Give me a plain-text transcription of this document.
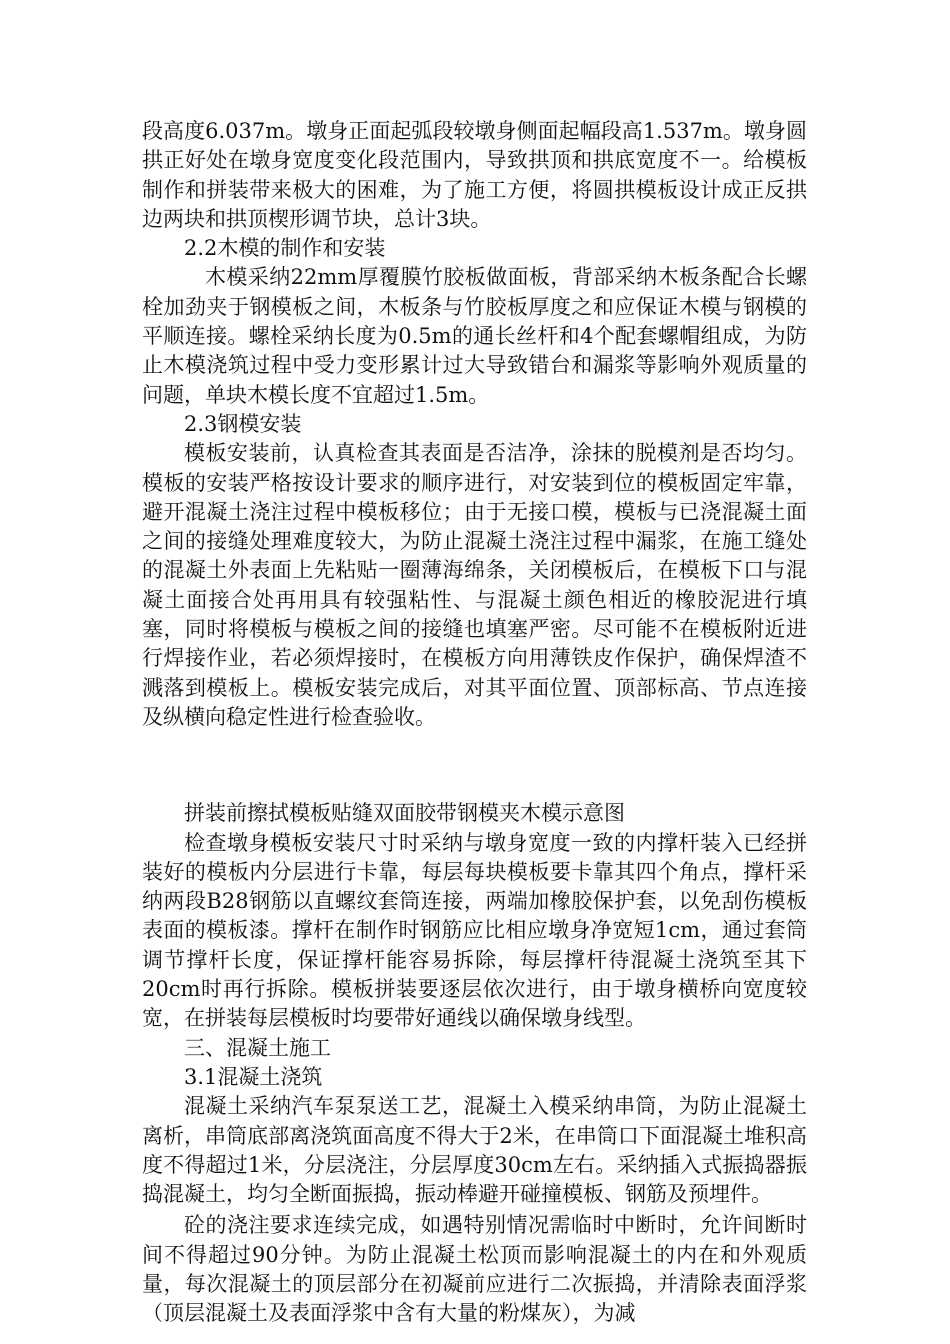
段高度6.037m。墩身正面起弧段较墩身侧面起幅段高1.537m。墩身圆拱正好处在墩身宽度变化段范围内，导致拱顶和拱底宽度不一。给模板制作和拼装带来极大的困难，为了施工方便，将圆拱模板设计成正反拱边两块和拱顶楔形调节块，总计3块。

2.2木模的制作和安装

木模采纳22mm厚覆膜竹胶板做面板，背部采纳木板条配合长螺栓加劲夹于钢模板之间，木板条与竹胶板厚度之和应保证木模与钢模的平顺连接。螺栓采纳长度为0.5m的通长丝杆和4个配套螺帽组成，为防止木模浇筑过程中受力变形累计过大导致错台和漏浆等影响外观质量的问题，单块木模长度不宜超过1.5m。

2.3钢模安装

模板安装前，认真检查其表面是否洁净，涂抹的脱模剂是否均匀。模板的安装严格按设计要求的顺序进行，对安装到位的模板固定牢靠，避开混凝土浇注过程中模板移位；由于无接口模，模板与已浇混凝土面之间的接缝处理难度较大，为防止混凝土浇注过程中漏浆，在施工缝处的混凝土外表面上先粘贴一圈薄海绵条，关闭模板后，在模板下口与混凝土面接合处再用具有较强粘性、与混凝土颜色相近的橡胶泥进行填塞，同时将模板与模板之间的接缝也填塞严密。尽可能不在模板附近进行焊接作业，若必须焊接时，在模板方向用薄铁皮作保护，确保焊渣不溅落到模板上。模板安装完成后，对其平面位置、顶部标高、节点连接及纵横向稳定性进行检查验收。

拼装前擦拭模板贴缝双面胶带钢模夹木模示意图

检查墩身模板安装尺寸时采纳与墩身宽度一致的内撑杆装入已经拼装好的模板内分层进行卡靠，每层每块模板要卡靠其四个角点，撑杆采纳两段B28钢筋以直螺纹套筒连接，两端加橡胶保护套，以免刮伤模板表面的模板漆。撑杆在制作时钢筋应比相应墩身净宽短1cm，通过套筒调节撑杆长度，保证撑杆能容易拆除，每层撑杆待混凝土浇筑至其下20cm时再行拆除。模板拼装要逐层依次进行，由于墩身横桥向宽度较宽，在拼装每层模板时均要带好通线以确保墩身线型。

三、混凝土施工

3.1混凝土浇筑

混凝土采纳汽车泵泵送工艺，混凝土入模采纳串筒，为防止混凝土离析，串筒底部离浇筑面高度不得大于2米，在串筒口下面混凝土堆积高度不得超过1米，分层浇注，分层厚度30cm左右。采纳插入式振捣器振捣混凝土，均匀全断面振捣，振动棒避开碰撞模板、钢筋及预埋件。

砼的浇注要求连续完成，如遇特别情况需临时中断时，允许间断时间不得超过90分钟。为防止混凝土松顶而影响混凝土的内在和外观质量，每次混凝土的顶层部分在初凝前应进行二次振捣，并清除表面浮浆（顶层混凝土及表面浮浆中含有大量的粉煤灰），为减
